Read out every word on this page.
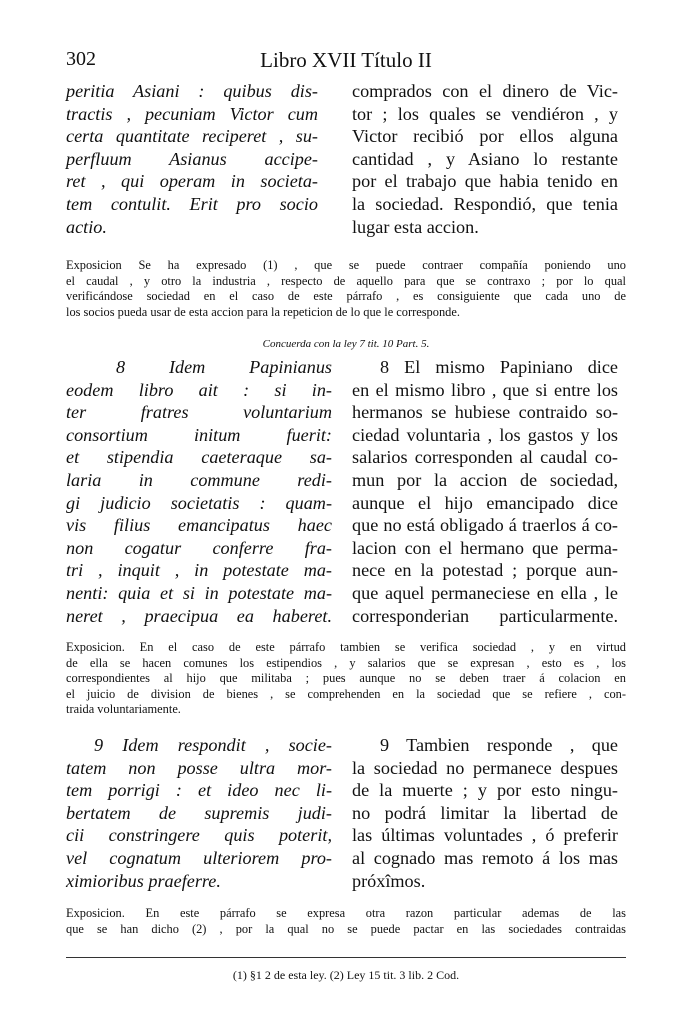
Libro XVII Título II
302
peritia Asiani : quibus dis-
tractis , pecuniam Victor cum
certa quantitate reciperet , su-
perfluum Asianus accipe-
ret , qui operam in societa-
tem contulit. Erit pro socio
actio.
comprados con el dinero de Vic-
tor ; los quales se vendiéron , y
Victor recibió por ellos alguna
cantidad , y Asiano lo restante
por el trabajo que habia tenido en
la sociedad. Respondió, que tenia
lugar esta accion.
Exposicion Se ha expresado (1) , que se puede contraer compañía poniendo uno
el caudal , y otro la industria , respecto de aquello para que se contraxo ; por lo qual
verificándose sociedad en el caso de este párrafo , es consiguiente que cada uno de
los socios pueda usar de esta accion para la repeticion de lo que le corresponde.
Concuerda con la ley 7 tit. 10 Part. 5.
8 Idem Papinianus
eodem libro ait : si in-
ter fratres voluntarium
consortium initum fuerit:
et stipendia caeteraque sa-
laria in commune redi-
gi judicio societatis : quam-
vis filius emancipatus haec
non cogatur conferre fra-
tri , inquit , in potestate ma-
nenti: quia et si in potestate ma-
neret , praecipua ea haberet.
8 El mismo Papiniano dice
en el mismo libro , que si entre los
hermanos se hubiese contraido so-
ciedad voluntaria , los gastos y los
salarios corresponden al caudal co-
mun por la accion de sociedad,
aunque el hijo emancipado dice
que no está obligado á traerlos á co-
lacion con el hermano que perma-
nece en la potestad ; porque aun-
que aquel permaneciese en ella , le
corresponderian particularmente.
Exposicion. En el caso de este párrafo tambien se verifica sociedad , y en virtud
de ella se hacen comunes los estipendios , y salarios que se expresan , esto es , los
correspondientes al hijo que militaba ; pues aunque no se deben traer á colacion en
el juicio de division de bienes , se comprehenden en la sociedad que se refiere , con-
traida voluntariamente.
9 Idem respondit , socie-
tatem non posse ultra mor-
tem porrigi : et ideo nec li-
bertatem de supremis judi-
cii constringere quis poterit,
vel cognatum ulteriorem pro-
ximioribus praeferre.
9 Tambien responde , que
la sociedad no permanece despues
de la muerte ; y por esto ningu-
no podrá limitar la libertad de
las últimas voluntades , ó preferir
al cognado mas remoto á los mas
próxîmos.
Exposicion. En este párrafo se expresa otra razon particular ademas de las
que se han dicho (2) , por la qual no se puede pactar en las sociedades contraidas
(1) §1 2 de esta ley. (2) Ley 15 tit. 3 lib. 2 Cod.
